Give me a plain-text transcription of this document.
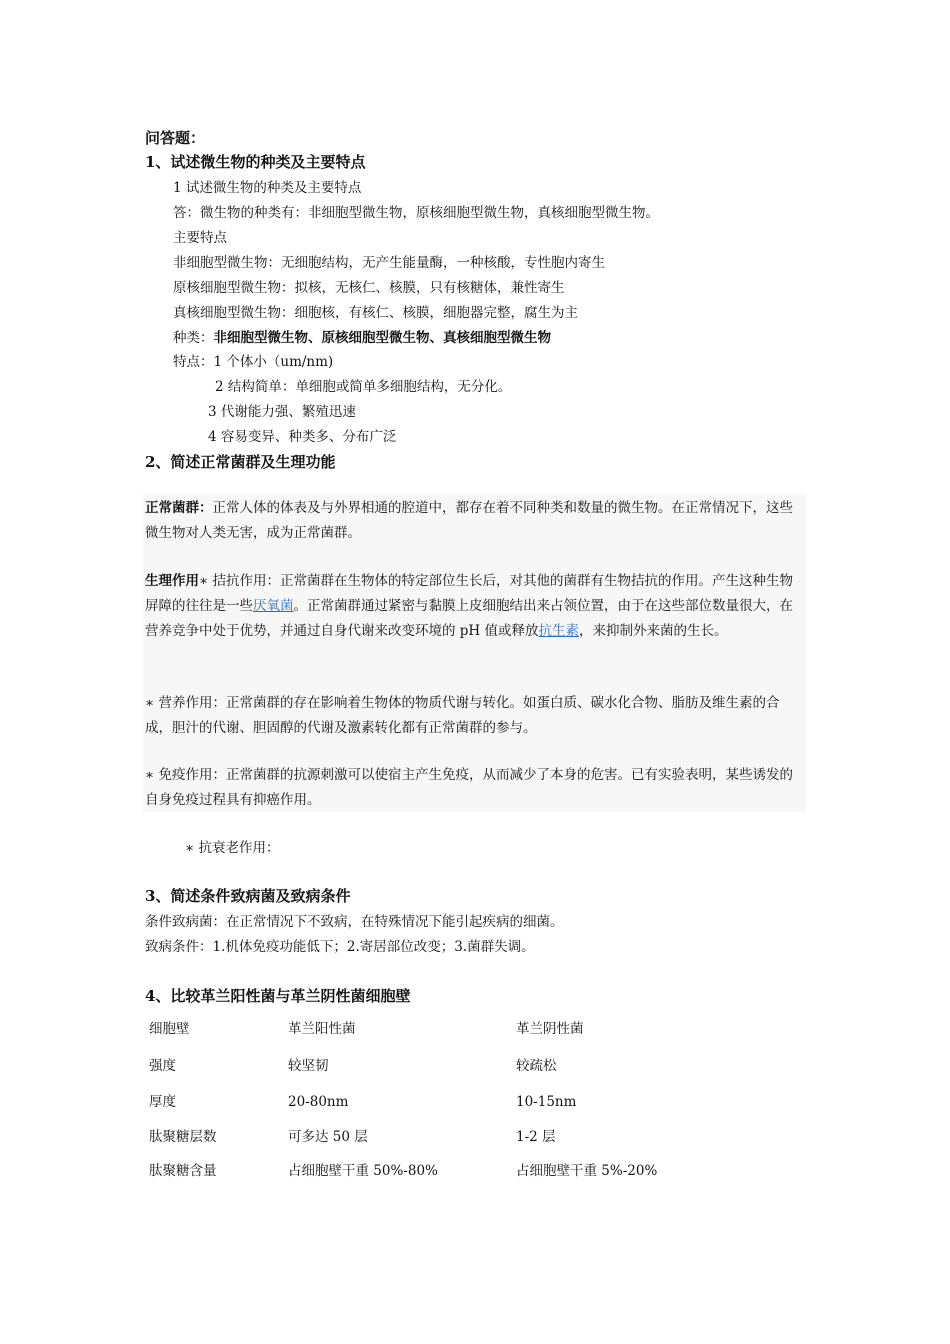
问答题：
1、试述微生物的种类及主要特点
1 试述微生物的种类及主要特点
答：微生物的种类有：非细胞型微生物，原核细胞型微生物，真核细胞型微生物。
主要特点
非细胞型微生物：无细胞结构，无产生能量酶，一种核酸，专性胞内寄生
原核细胞型微生物：拟核，无核仁、核膜，只有核糖体，兼性寄生
真核细胞型微生物：细胞核，有核仁、核膜，细胞器完整，腐生为主
种类：非细胞型微生物、原核细胞型微生物、真核细胞型微生物
特点：1 个体小（um/nm)
2 结构简单：单细胞或简单多细胞结构，无分化。
3 代谢能力强、繁殖迅速
4 容易变异、种类多、分布广泛
2、简述正常菌群及生理功能
正常菌群：正常人体的体表及与外界相通的腔道中，都存在着不同种类和数量的微生物。在正常情况下，这些微生物对人类无害，成为正常菌群。
生理作用∗ 拮抗作用：正常菌群在生物体的特定部位生长后，对其他的菌群有生物拮抗的作用。产生这种生物屏障的往往是一些厌氧菌。正常菌群通过紧密与黏膜上皮细胞结出来占领位置，由于在这些部位数量很大，在营养竞争中处于优势，并通过自身代谢来改变环境的 pH 值或释放抗生素，来抑制外来菌的生长。
∗ 营养作用：正常菌群的存在影响着生物体的物质代谢与转化。如蛋白质、碳水化合物、脂肪及维生素的合成，胆汁的代谢、胆固醇的代谢及激素转化都有正常菌群的参与。
∗ 免疫作用：正常菌群的抗源刺激可以使宿主产生免疫，从而减少了本身的危害。已有实验表明，某些诱发的自身免疫过程具有抑癌作用。
∗ 抗衰老作用：
3、简述条件致病菌及致病条件
条件致病菌：在正常情况下不致病，在特殊情况下能引起疾病的细菌。
致病条件：1.机体免疫功能低下；2.寄居部位改变；3.菌群失调。
4、比较革兰阳性菌与革兰阴性菌细胞壁
细胞壁	革兰阳性菌	革兰阴性菌
强度	较坚韧	较疏松
厚度	20-80nm	10-15nm
肽聚糖层数	可多达 50 层	1-2 层
肽聚糖含量	占细胞壁干重 50%-80%	占细胞壁干重 5%-20%
